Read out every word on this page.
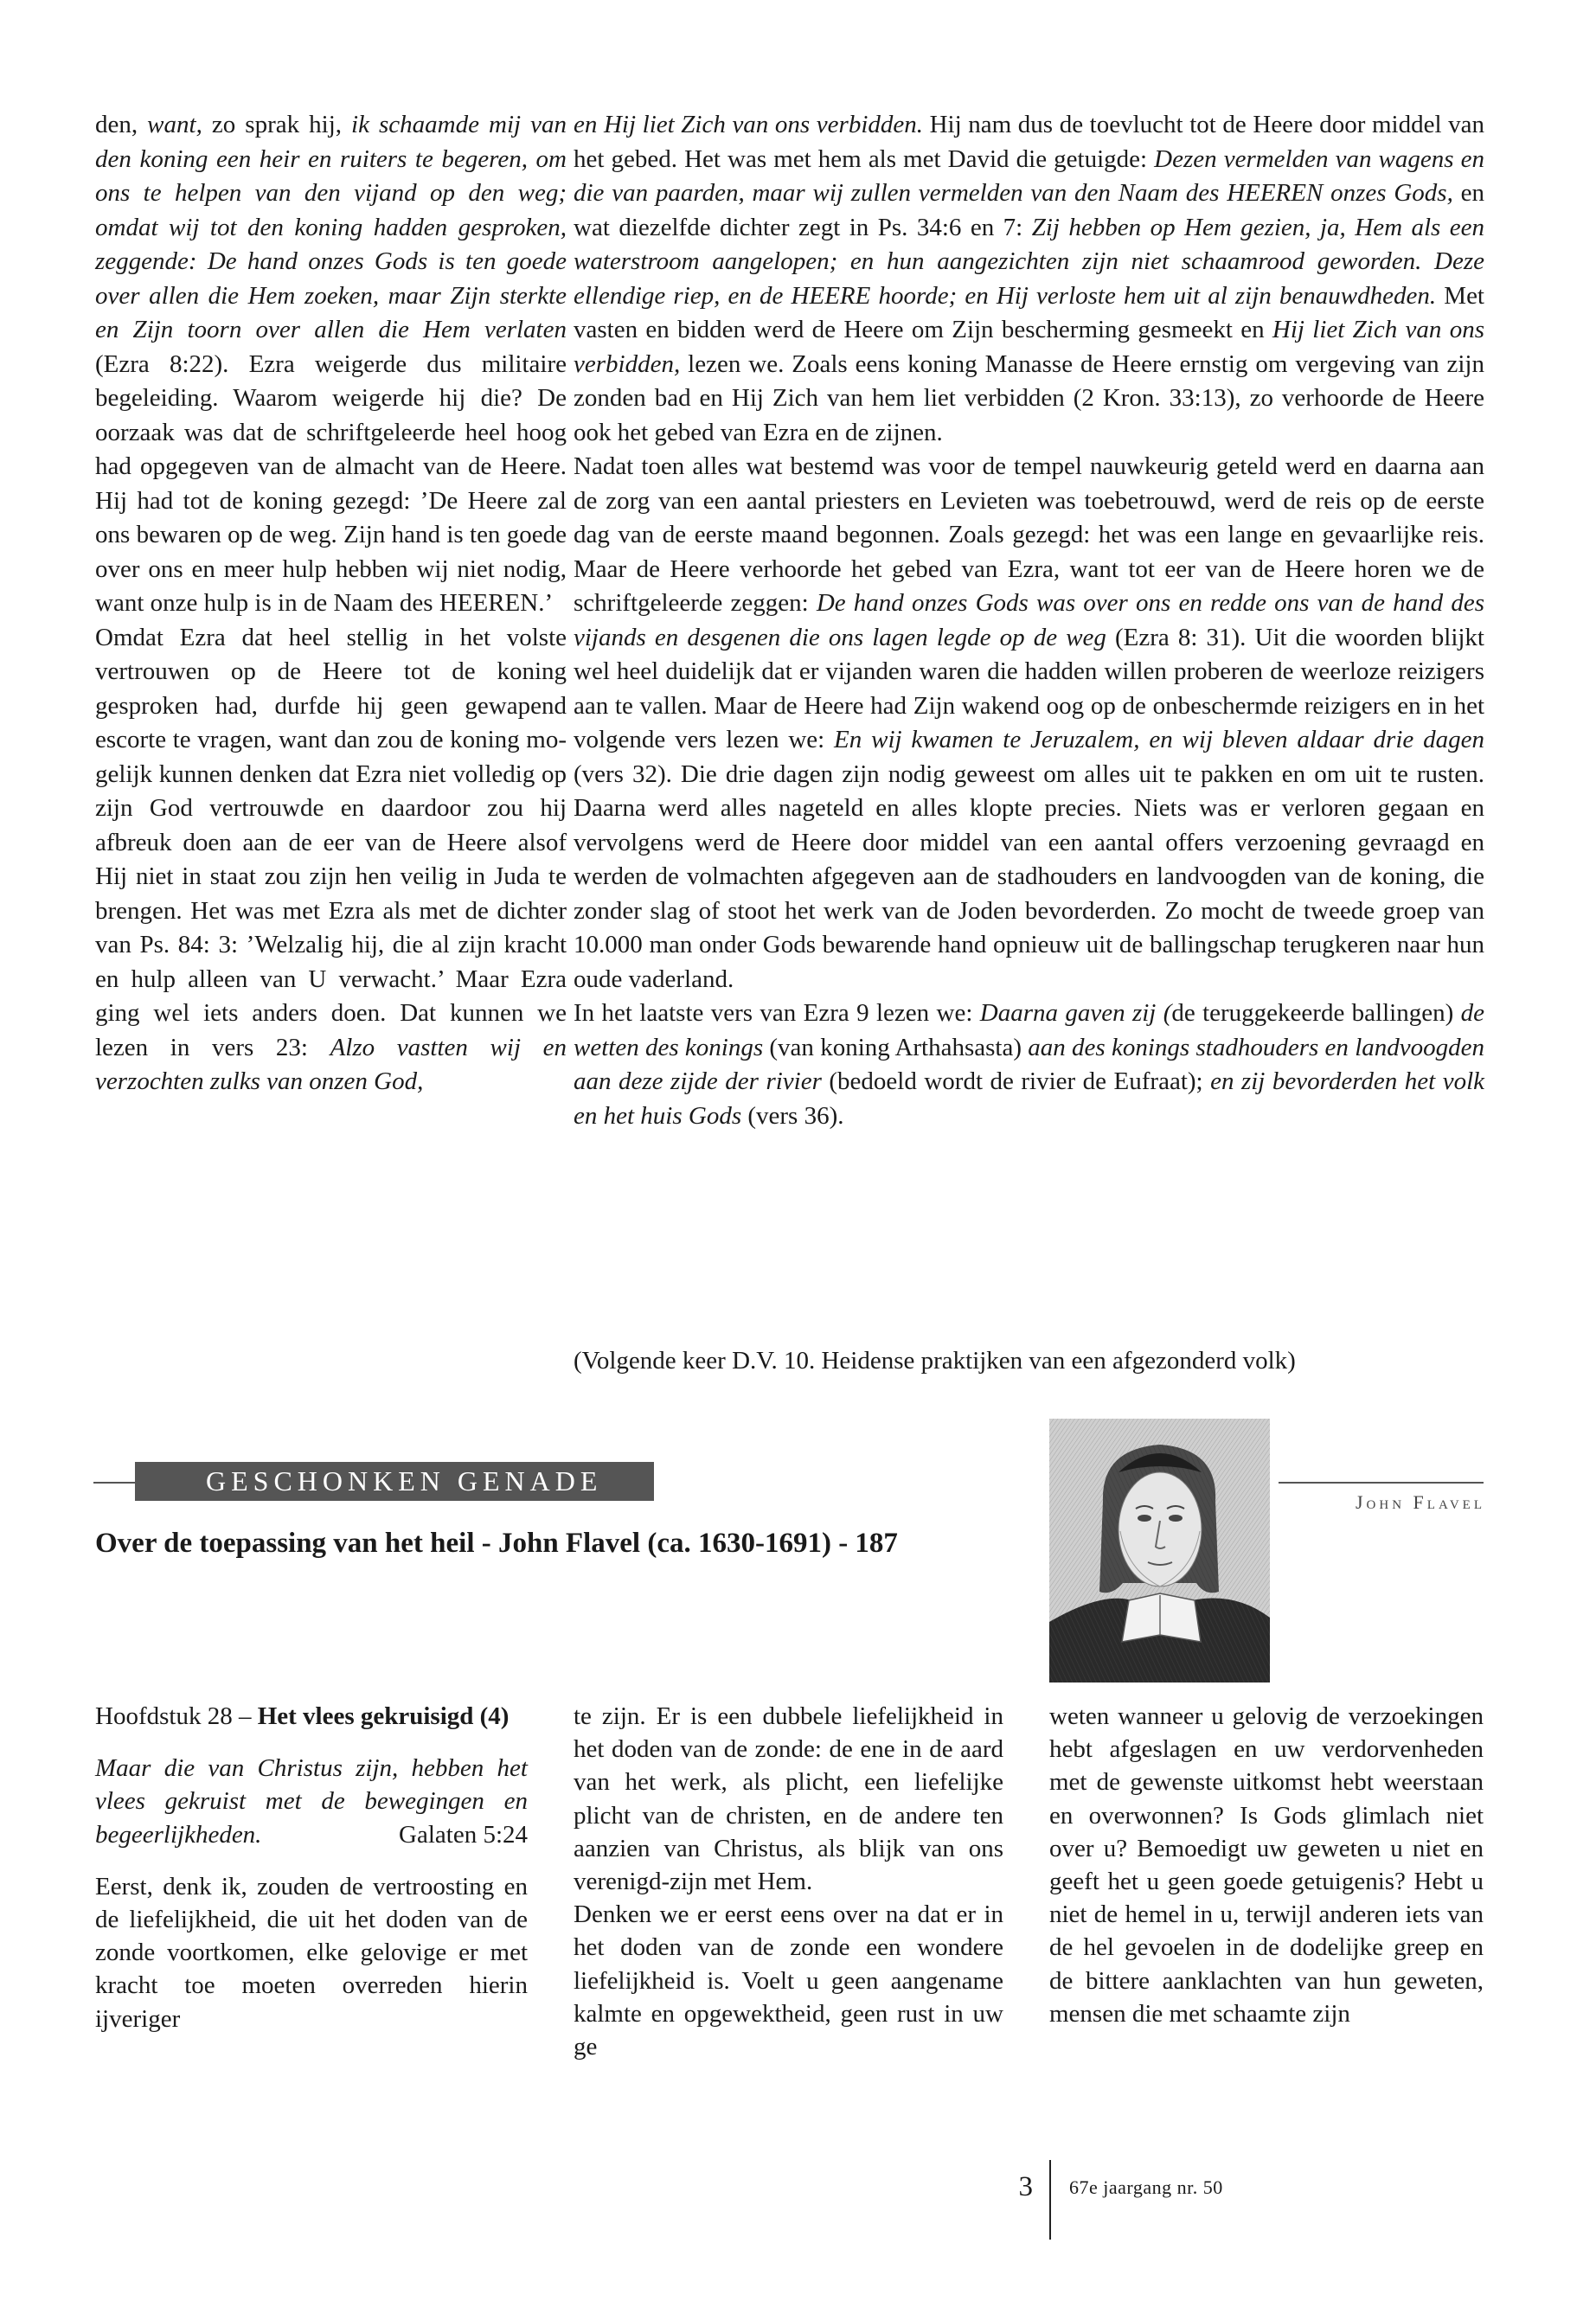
den, want, zo sprak hij, ik schaamde mij van den koning een heir en ruiters te begeren, om ons te helpen van den vijand op den weg; omdat wij tot den koning hadden gesproken, zeggende: De hand onzes Gods is ten goede over allen die Hem zoeken, maar Zijn sterkte en Zijn toorn over allen die Hem verlaten (Ezra 8:22). Ezra weigerde dus militaire begeleiding. Waarom weigerde hij die? De oorzaak was dat de schriftgeleerde heel hoog had opgegeven van de almacht van de Heere. Hij had tot de koning gezegd: ’De Heere zal ons bewaren op de weg. Zijn hand is ten goede over ons en meer hulp hebben wij niet nodig, want onze hulp is in de Naam des HEEREN.’

Omdat Ezra dat heel stellig in het volste vertrouwen op de Heere tot de koning gesproken had, durfde hij geen gewapend escorte te vragen, want dan zou de koning mogelijk kunnen denken dat Ezra niet volledig op zijn God vertrouwde en daardoor zou hij afbreuk doen aan de eer van de Heere alsof Hij niet in staat zou zijn hen veilig in Juda te brengen. Het was met Ezra als met de dichter van Ps. 84: 3: ’Welzalig hij, die al zijn kracht en hulp alleen van U verwacht.’ Maar Ezra ging wel iets anders doen. Dat kunnen we lezen in vers 23: Alzo vastten wij en verzochten zulks van onzen God,

en Hij liet Zich van ons verbidden. Hij nam dus de toevlucht tot de Heere door middel van het gebed. Het was met hem als met David die getuigde: Dezen vermelden van wagens en die van paarden, maar wij zullen vermelden van den Naam des HEEREN onzes Gods, en wat diezelfde dichter zegt in Ps. 34:6 en 7: Zij hebben op Hem gezien, ja, Hem als een waterstroom aangelopen; en hun aangezichten zijn niet schaamrood geworden. Deze ellendige riep, en de HEERE hoorde; en Hij verloste hem uit al zijn benauwdheden. Met vasten en bidden werd de Heere om Zijn bescherming gesmeekt en Hij liet Zich van ons verbidden, lezen we. Zoals eens koning Manasse de Heere ernstig om vergeving van zijn zonden bad en Hij Zich van hem liet verbidden (2 Kron. 33:13), zo verhoorde de Heere ook het gebed van Ezra en de zijnen.

Nadat toen alles wat bestemd was voor de tempel nauwkeurig geteld werd en daarna aan de zorg van een aantal priesters en Levieten was toebetrouwd, werd de reis op de eerste dag van de eerste maand begonnen. Zoals gezegd: het was een lange en gevaarlijke reis. Maar de Heere verhoorde het gebed van Ezra, want tot eer van de Heere horen we de schriftgeleerde zeggen: De hand onzes Gods was over ons en redde ons van de hand des vijands en desgenen die ons lagen legde op de weg (Ezra 8: 31). Uit die woorden blijkt wel heel duidelijk dat er vijanden waren die hadden willen proberen de weerloze reizigers aan te vallen. Maar de Heere had Zijn wakend oog op de onbeschermde reizigers en in het volgende vers lezen we: En wij kwamen te Jeruzalem, en wij bleven aldaar drie dagen (vers 32). Die drie dagen zijn nodig geweest om alles uit te pakken en om uit te rusten. Daarna werd alles nageteld en alles klopte precies. Niets was er verloren gegaan en vervolgens werd de Heere door middel van een aantal offers verzoening gevraagd en werden de volmachten afgegeven aan de stadhouders en landvoogden van de koning, die zonder slag of stoot het werk van de Joden bevorderden. Zo mocht de tweede groep van 10.000 man onder Gods bewarende hand opnieuw uit de ballingschap terugkeren naar hun oude vaderland.

In het laatste vers van Ezra 9 lezen we: Daarna gaven zij (de teruggekeerde ballingen) de wetten des konings (van koning Arthahsasta) aan des konings stadhouders en landvoogden aan deze zijde der rivier (bedoeld wordt de rivier de Eufraat); en zij bevorderden het volk en het huis Gods (vers 36).

(Volgende keer D.V. 10. Heidense praktijken van een afgezonderd volk)
GESCHONKEN GENADE
John Flavel
Over de toepassing van het heil - John Flavel (ca. 1630-1691) - 187

Hoofdstuk 28 – Het vlees gekruisigd (4)

Maar die van Christus zijn, hebben het vlees gekruist met de bewegingen en begeerlijkheden.	Galaten 5:24

Eerst, denk ik, zouden de vertroosting en de liefelijkheid, die uit het doden van de zonde voortkomen, elke gelovige er met kracht toe moeten overreden hierin ijveriger

te zijn. Er is een dubbele liefelijkheid in het doden van de zonde: de ene in de aard van het werk, als plicht, een liefelijke plicht van de christen, en de andere ten aanzien van Christus, als blijk van ons verenigd-zijn met Hem.

Denken we er eerst eens over na dat er in het doden van de zonde een wondere liefelijkheid is. Voelt u geen aangename kalmte en opgewektheid, geen rust in uw ge

weten wanneer u gelovig de verzoekingen hebt afgeslagen en uw verdorvenheden met de gewenste uitkomst hebt weerstaan en overwonnen? Is Gods glimlach niet over u? Bemoedigt uw geweten u niet en geeft het u geen goede getuigenis? Hebt u niet de hemel in u, terwijl anderen iets van de hel gevoelen in de dodelijke greep en de bittere aanklachten van hun geweten, mensen die met schaamte zijn

3 67e jaargang nr. 50
